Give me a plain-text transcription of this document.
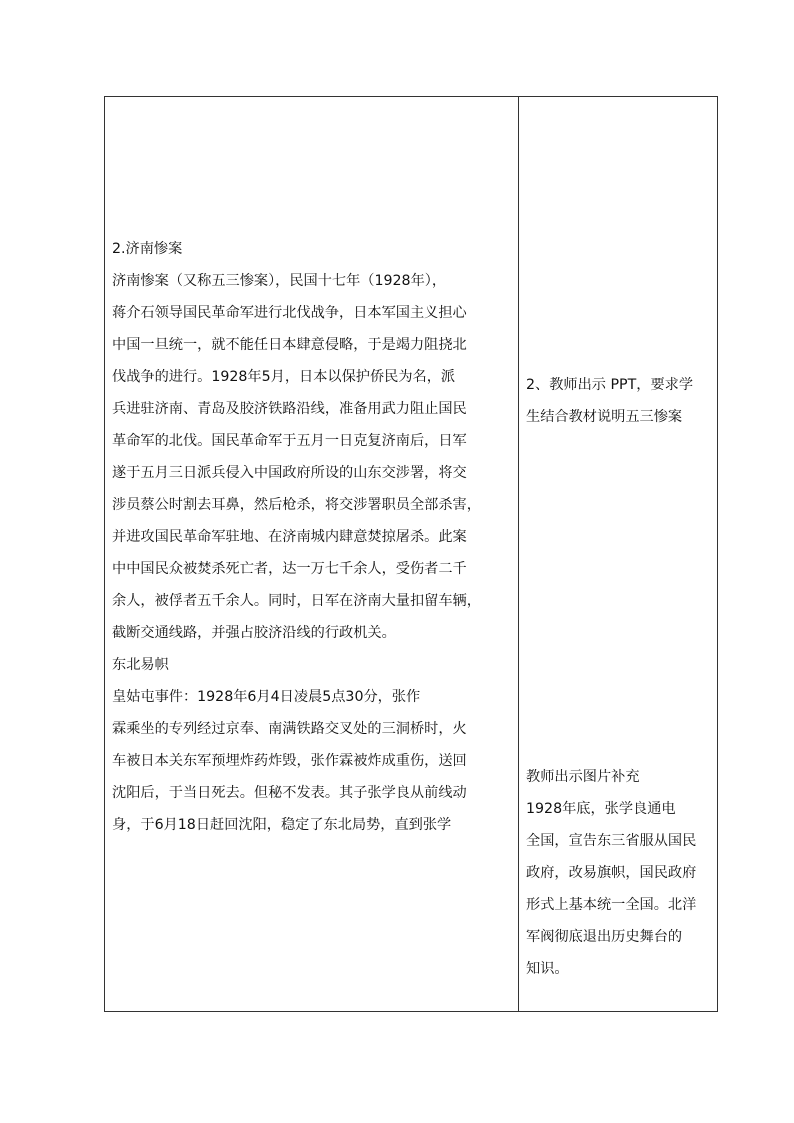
2.济南惨案
济南惨案（又称五三惨案），民国十七年（1928年），
蒋介石领导国民革命军进行北伐战争，日本军国主义担心
中国一旦统一，就不能任日本肆意侵略，于是竭力阻挠北
伐战争的进行。1928年5月，日本以保护侨民为名，派
兵进驻济南、青岛及胶济铁路沿线，准备用武力阻止国民
革命军的北伐。国民革命军于五月一日克复济南后，日军
遂于五月三日派兵侵入中国政府所设的山东交涉署，将交
涉员蔡公时割去耳鼻，然后枪杀，将交涉署职员全部杀害，
并进攻国民革命军驻地、在济南城内肆意焚掠屠杀。此案
中中国民众被焚杀死亡者，达一万七千余人，受伤者二千
余人，被俘者五千余人。同时，日军在济南大量扣留车辆，
截断交通线路，并强占胶济沿线的行政机关。
东北易帜
皇姑屯事件：1928年6月4日凌晨5点30分，张作
霖乘坐的专列经过京奉、南满铁路交叉处的三洞桥时，火
车被日本关东军预埋炸药炸毁，张作霖被炸成重伤，送回
沈阳后，于当日死去。但秘不发表。其子张学良从前线动
身，于6月18日赶回沈阳，稳定了东北局势，直到张学
2、教师出示 PPT，要求学
生结合教材说明五三惨案
教师出示图片补充
1928年底，张学良通电
全国，宣告东三省服从国民
政府，改易旗帜，国民政府
形式上基本统一全国。北洋
军阀彻底退出历史舞台的
知识。
